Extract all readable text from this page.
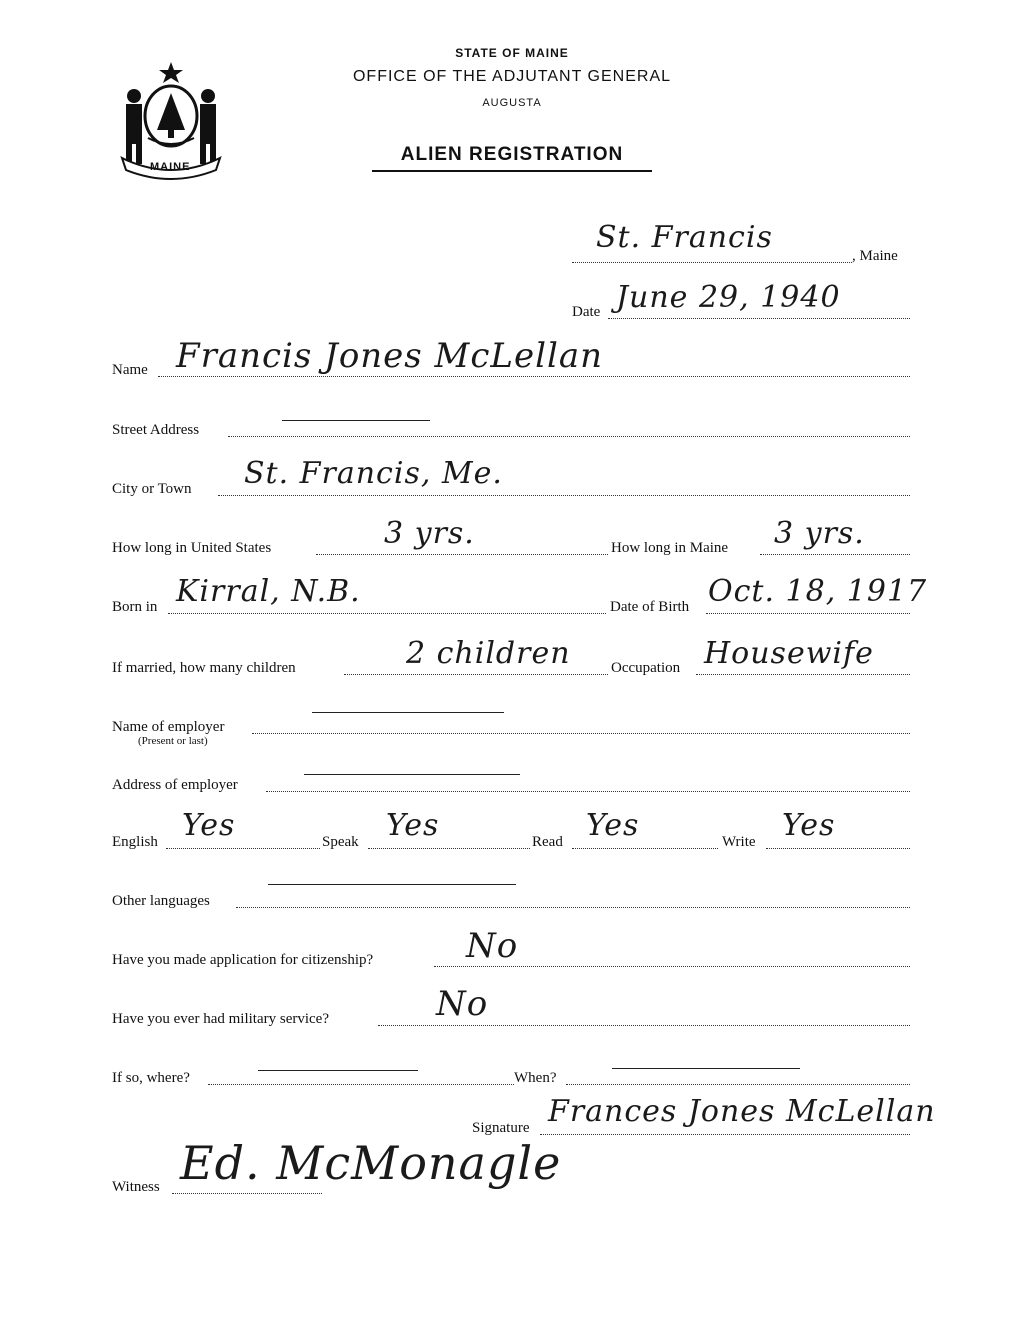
MAINE
STATE OF MAINE
OFFICE OF THE ADJUTANT GENERAL
AUGUSTA
ALIEN REGISTRATION
St. Francis
, Maine
Date June 29, 1940
Name Francis Jones McLellan
Street Address
City or Town St. Francis, Me.
How long in United States	3 yrs.	How long in Maine 3 yrs.
Born in Kirral, N.B.	Date of Birth Oct. 18, 1917
If married, how many children	2 children	Occupation Housewife
Name of employer
(Present or last)
Address of employer
English Yes	Speak Yes	Read Yes	Write Yes
Other languages
Have you made application for citizenship?	No
Have you ever had military service?	No
If so, where?	When?
Signature Frances Jones McLellan
Witness Ed. McMonagle
